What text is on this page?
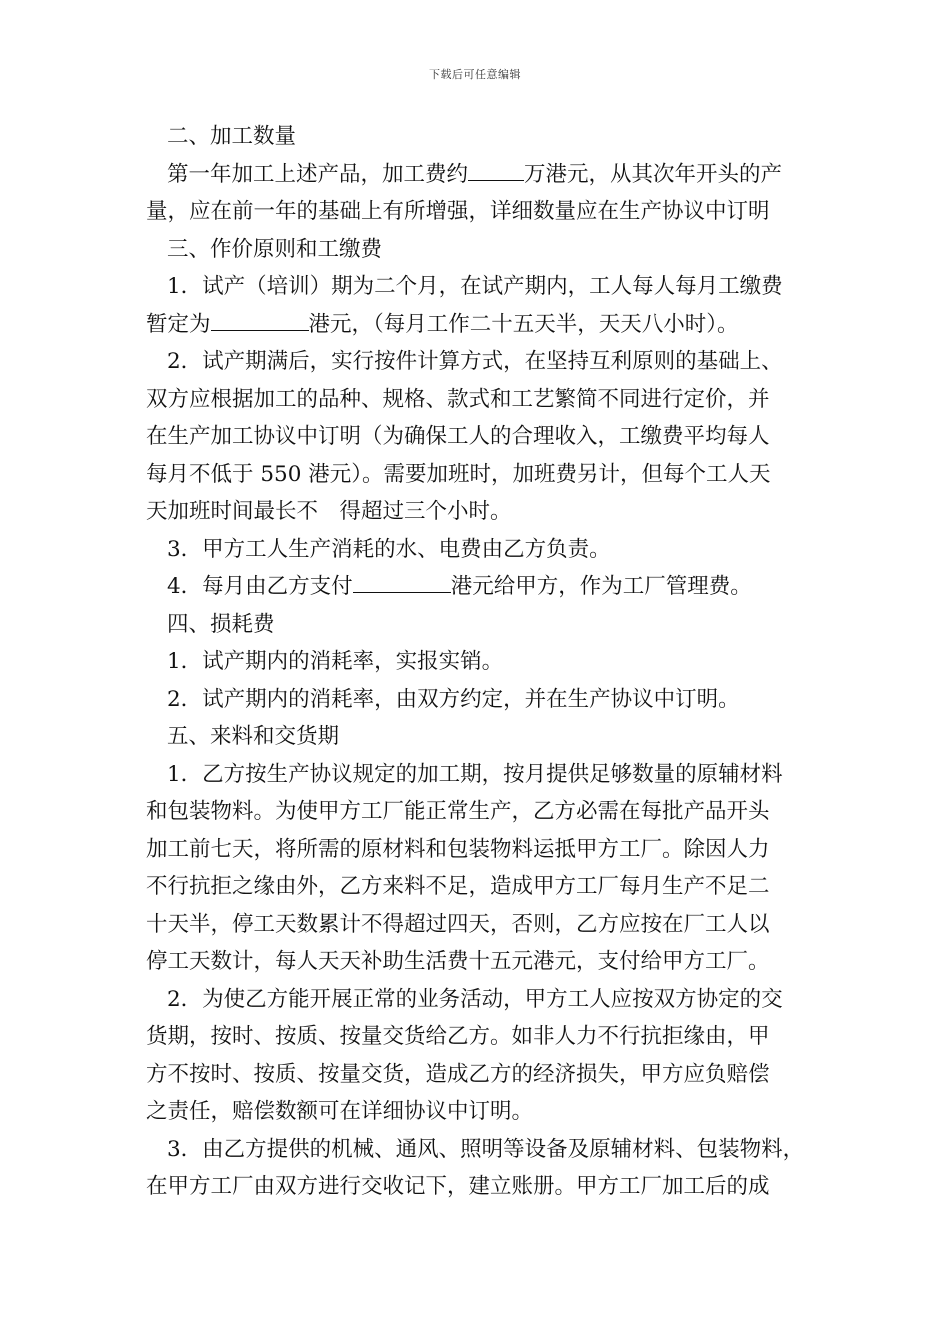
下载后可任意编辑
二、加工数量
第一年加工上述产品，加工费约	万港元，从其次年开头的产
量，应在前一年的基础上有所增强，详细数量应在生产协议中订明
三、作价原则和工缴费
1．试产（培训）期为二个月，在试产期内，工人每人每月工缴费
暂定为	港元，（每月工作二十五天半，天天八小时）。
2．试产期满后，实行按件计算方式，在坚持互利原则的基础上、
双方应根据加工的品种、规格、款式和工艺繁简不同进行定价，并
在生产加工协议中订明（为确保工人的合理收入，工缴费平均每人
每月不低于 550 港元）。需要加班时，加班费另计，但每个工人天
天加班时间最长不　得超过三个小时。
3．甲方工人生产消耗的水、电费由乙方负责。
4．每月由乙方支付	港元给甲方，作为工厂管理费。
四、损耗费
1．试产期内的消耗率，实报实销。
2．试产期内的消耗率，由双方约定，并在生产协议中订明。
五、来料和交货期
1．乙方按生产协议规定的加工期，按月提供足够数量的原辅材料
和包装物料。为使甲方工厂能正常生产，乙方必需在每批产品开头
加工前七天，将所需的原材料和包装物料运抵甲方工厂。除因人力
不行抗拒之缘由外，乙方来料不足，造成甲方工厂每月生产不足二
十天半，停工天数累计不得超过四天，否则，乙方应按在厂工人以
停工天数计，每人天天补助生活费十五元港元，支付给甲方工厂。
2．为使乙方能开展正常的业务活动，甲方工人应按双方协定的交
货期，按时、按质、按量交货给乙方。如非人力不行抗拒缘由，甲
方不按时、按质、按量交货，造成乙方的经济损失，甲方应负赔偿
之责任，赔偿数额可在详细协议中订明。
3．由乙方提供的机械、通风、照明等设备及原辅材料、包装物料，
在甲方工厂由双方进行交收记下，建立账册。甲方工厂加工后的成
